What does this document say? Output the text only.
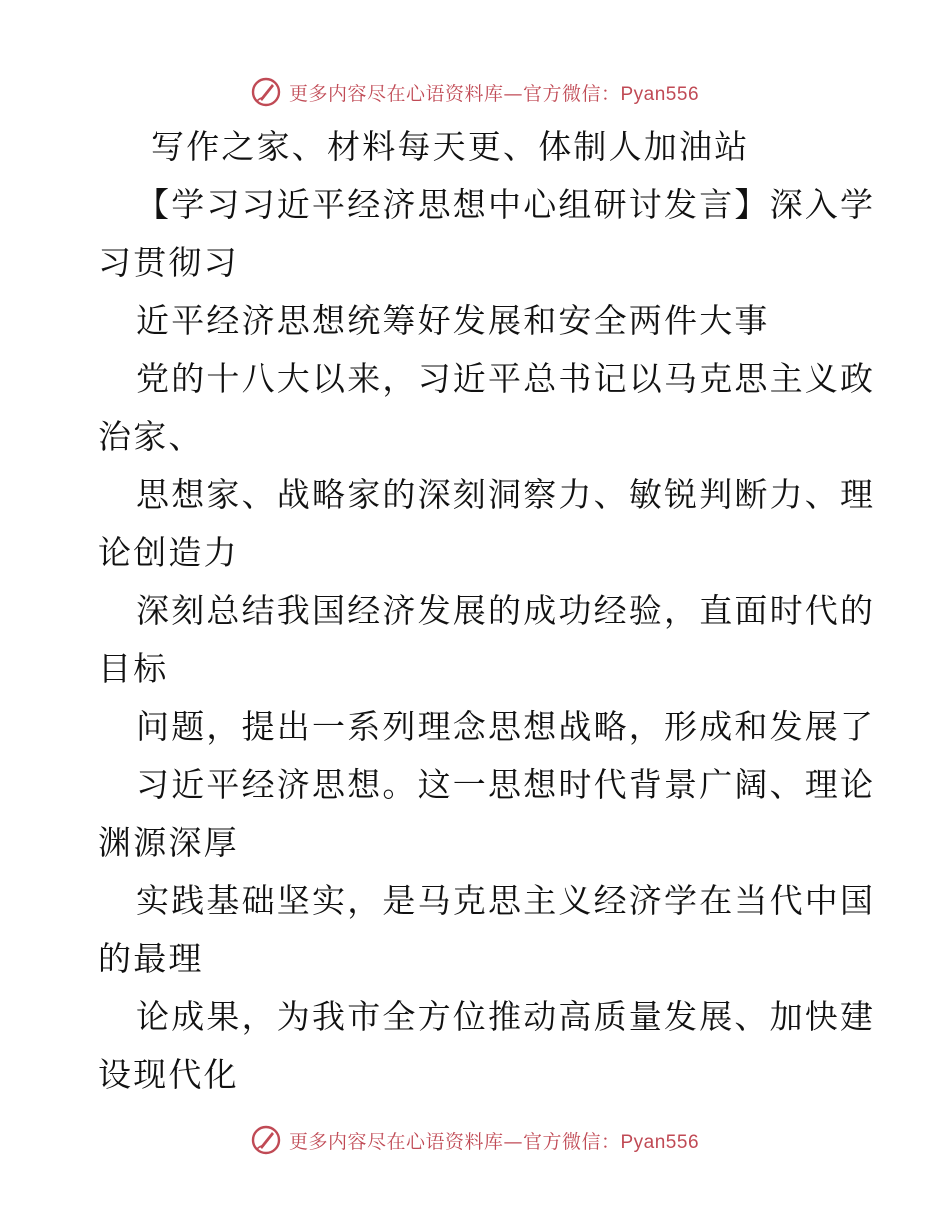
更多内容尽在心语资料库—官方微信：Pyan556
写作之家、材料每天更、体制人加油站
【学习习近平经济思想中心组研讨发言】深入学
习贯彻习
近平经济思想统筹好发展和安全两件大事
党的十八大以来，习近平总书记以马克思主义政
治家、
思想家、战略家的深刻洞察力、敏锐判断力、理
论创造力
深刻总结我国经济发展的成功经验，直面时代的
目标
问题，提出一系列理念思想战略，形成和发展了
习近平经济思想。这一思想时代背景广阔、理论
渊源深厚
实践基础坚实，是马克思主义经济学在当代中国
的最理
论成果，为我市全方位推动高质量发展、加快建
设现代化
更多内容尽在心语资料库—官方微信：Pyan556
